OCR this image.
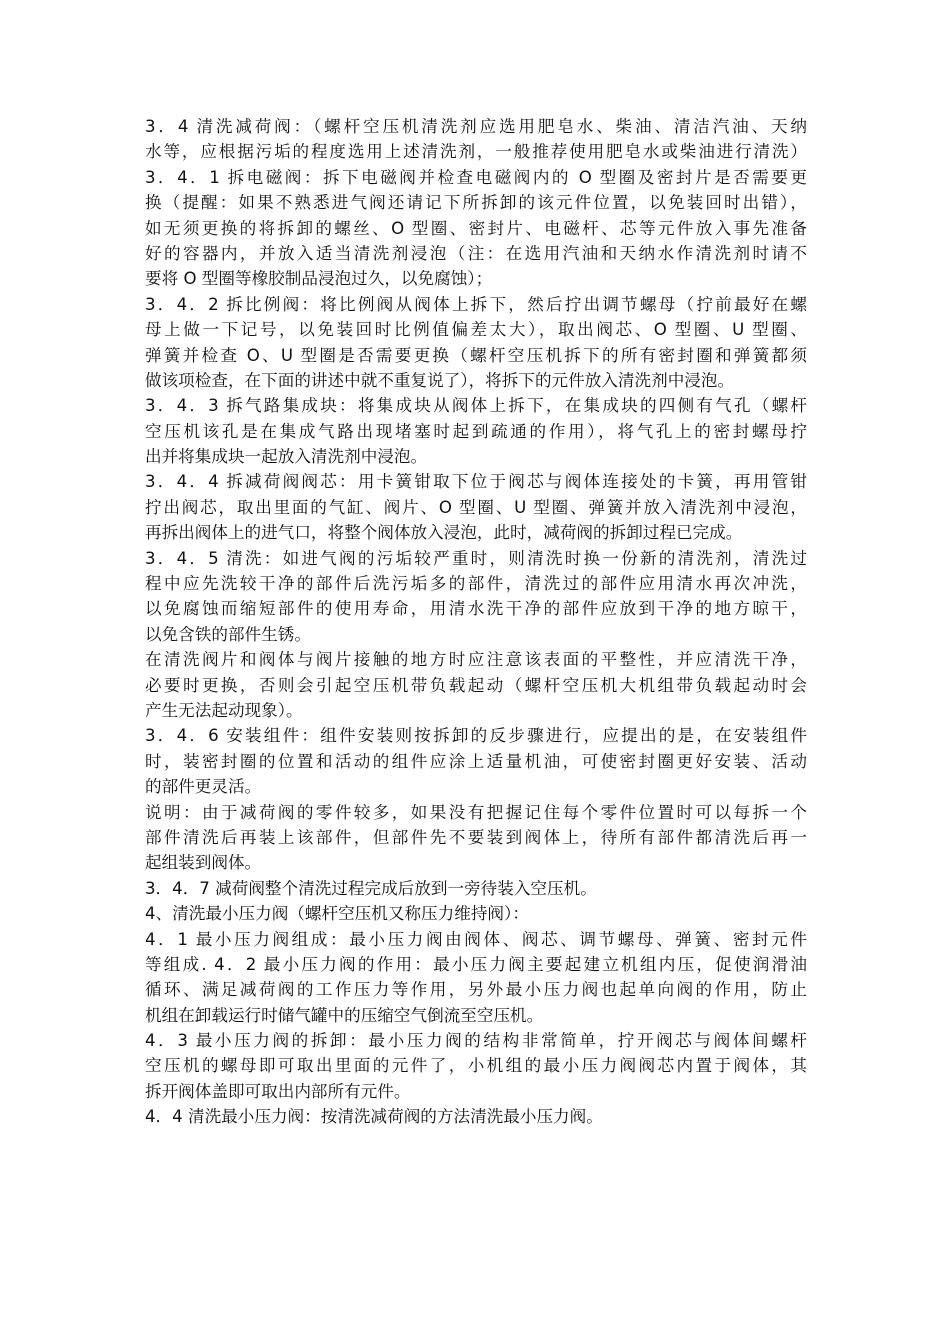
3．4 清洗减荷阀：（螺杆空压机清洗剂应选用肥皂水、柴油、清洁汽油、天纳
水等，应根据污垢的程度选用上述清洗剂，一般推荐使用肥皂水或柴油进行清洗）
3．4．1 拆电磁阀：拆下电磁阀并检查电磁阀内的 O 型圈及密封片是否需要更
换（提醒：如果不熟悉进气阀还请记下所拆卸的该元件位置，以免装回时出错），
如无须更换的将拆卸的螺丝、O 型圈、密封片、电磁杆、芯等元件放入事先准备
好的容器内，并放入适当清洗剂浸泡（注：在选用汽油和天纳水作清洗剂时请不
要将 O 型圈等橡胶制品浸泡过久，以免腐蚀）；
3．4．2 拆比例阀：将比例阀从阀体上拆下，然后拧出调节螺母（拧前最好在螺
母上做一下记号，以免装回时比例值偏差太大），取出阀芯、O 型圈、U 型圈、
弹簧并检查 O、U 型圈是否需要更换（螺杆空压机拆下的所有密封圈和弹簧都须
做该项检查，在下面的讲述中就不重复说了），将拆下的元件放入清洗剂中浸泡。
3．4．3 拆气路集成块：将集成块从阀体上拆下，在集成块的四侧有气孔（螺杆
空压机该孔是在集成气路出现堵塞时起到疏通的作用），将气孔上的密封螺母拧
出并将集成块一起放入清洗剂中浸泡。
3．4．4 拆减荷阀阀芯：用卡簧钳取下位于阀芯与阀体连接处的卡簧，再用管钳
拧出阀芯，取出里面的气缸、阀片、O 型圈、U 型圈、弹簧并放入清洗剂中浸泡，
再拆出阀体上的进气口，将整个阀体放入浸泡，此时，减荷阀的拆卸过程已完成。
3．4．5 清洗：如进气阀的污垢较严重时，则清洗时换一份新的清洗剂，清洗过
程中应先洗较干净的部件后洗污垢多的部件，清洗过的部件应用清水再次冲洗，
以免腐蚀而缩短部件的使用寿命，用清水洗干净的部件应放到干净的地方晾干，
以免含铁的部件生锈。
在清洗阀片和阀体与阀片接触的地方时应注意该表面的平整性，并应清洗干净，
必要时更换，否则会引起空压机带负载起动（螺杆空压机大机组带负载起动时会
产生无法起动现象）。
3．4．6 安装组件：组件安装则按拆卸的反步骤进行，应提出的是，在安装组件
时，装密封圈的位置和活动的组件应涂上适量机油，可使密封圈更好安装、活动
的部件更灵活。
说明：由于减荷阀的零件较多，如果没有把握记住每个零件位置时可以每拆一个
部件清洗后再装上该部件，但部件先不要装到阀体上，待所有部件都清洗后再一
起组装到阀体。
3．4．7 减荷阀整个清洗过程完成后放到一旁待装入空压机。
4、清洗最小压力阀（螺杆空压机又称压力维持阀）：
4．1 最小压力阀组成：最小压力阀由阀体、阀芯、调节螺母、弹簧、密封元件
等组成. 4．2 最小压力阀的作用：最小压力阀主要起建立机组内压，促使润滑油
循环、满足减荷阀的工作压力等作用，另外最小压力阀也起单向阀的作用，防止
机组在卸载运行时储气罐中的压缩空气倒流至空压机。
4．3 最小压力阀的拆卸：最小压力阀的结构非常简单，拧开阀芯与阀体间螺杆
空压机的螺母即可取出里面的元件了，小机组的最小压力阀阀芯内置于阀体，其
拆开阀体盖即可取出内部所有元件。
4．4 清洗最小压力阀：按清洗减荷阀的方法清洗最小压力阀。
